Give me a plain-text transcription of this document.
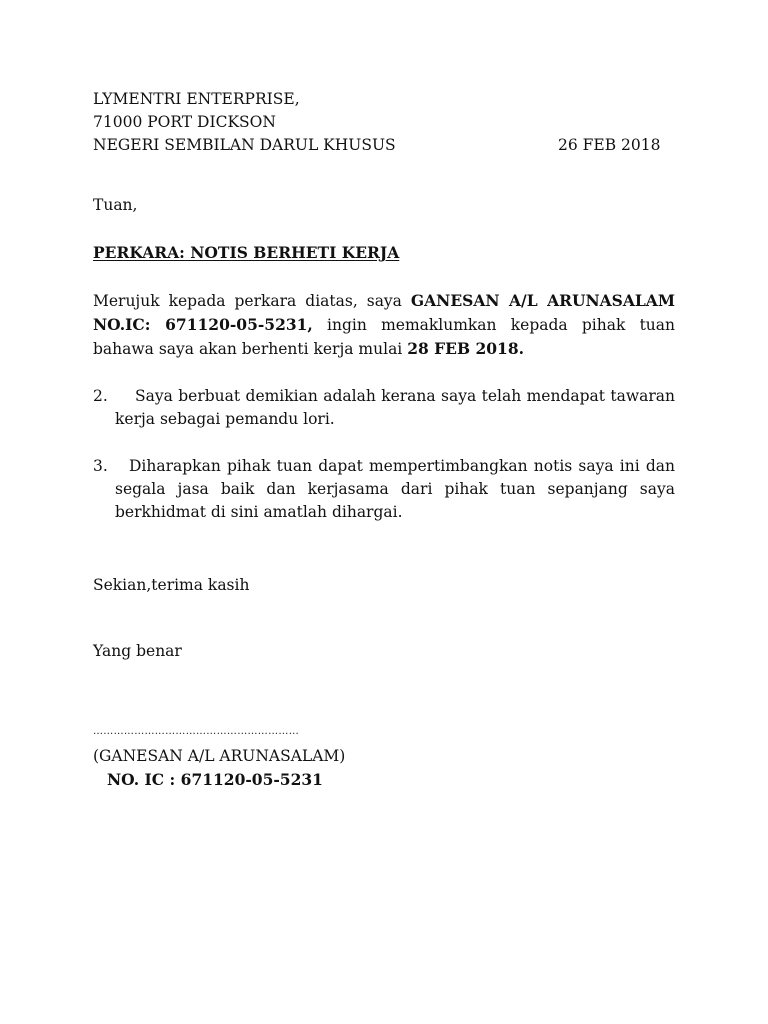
LYMENTRI ENTERPRISE,
71000 PORT DICKSON
NEGERI SEMBILAN DARUL KHUSUS	26 FEB 2018
Tuan,
PERKARA: NOTIS BERHETI KERJA
Merujuk kepada perkara diatas, saya GANESAN A/L ARUNASALAM NO.IC: 671120-05-5231, ingin memaklumkan kepada pihak tuan bahawa saya akan berhenti kerja mulai 28 FEB 2018.
2. Saya berbuat demikian adalah kerana saya telah mendapat tawaran kerja sebagai pemandu lori.
3. Diharapkan pihak tuan dapat mempertimbangkan notis saya ini dan segala jasa baik dan kerjasama dari pihak tuan sepanjang saya berkhidmat di sini amatlah dihargai.
Sekian,terima kasih
Yang benar
……………………………………………………
(GANESAN A/L ARUNASALAM)
NO. IC : 671120-05-5231
